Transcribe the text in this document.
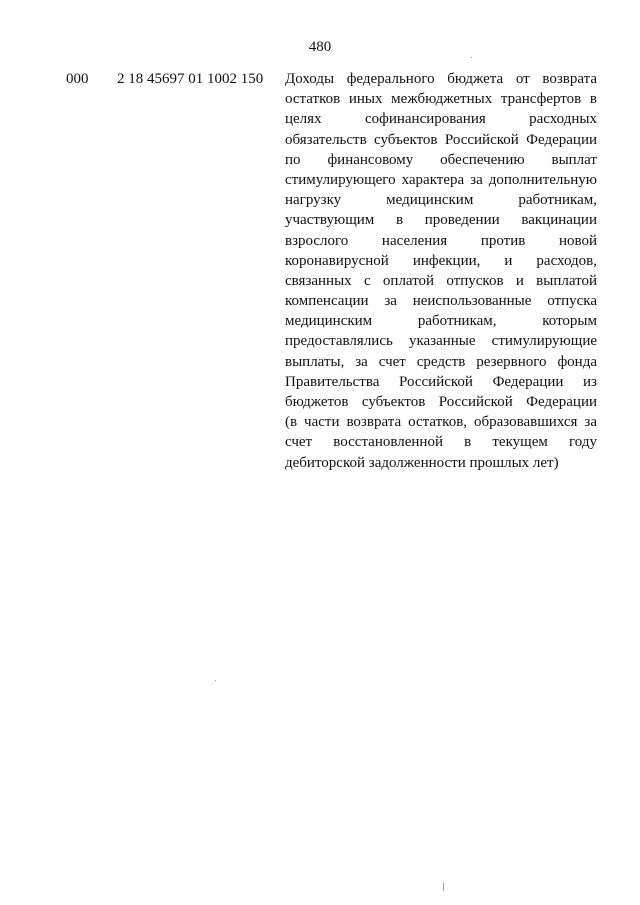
480
000 2 18 45697 01 1002 150 Доходы федерального бюджета от возврата
остатков иных межбюджетных трансфертов в
целях софинансирования расходных
обязательств субъектов Российской Федерации
по финансовому обеспечению выплат
стимулирующего характера за дополнительную
нагрузку медицинским работникам,
участвующим в проведении вакцинации
взрослого населения против новой
коронавирусной инфекции, и расходов,
связанных с оплатой отпусков и выплатой
компенсации за неиспользованные отпуска
медицинским работникам, которым
предоставлялись указанные стимулирующие
выплаты, за счет средств резервного фонда
Правительства Российской Федерации из
бюджетов субъектов Российской Федерации
(в части возврата остатков, образовавшихся за
счет восстановленной в текущем году
дебиторской задолженности прошлых лет)
